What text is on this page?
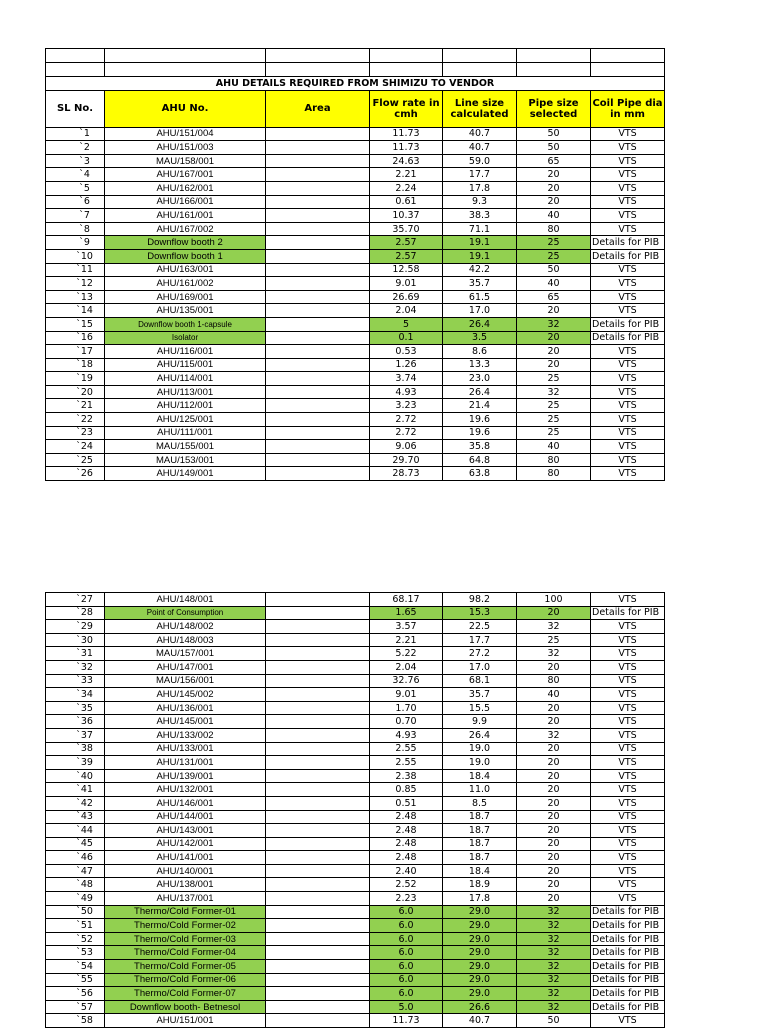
AHU DETAILS REQUIRED FROM SHIMIZU TO VENDOR						
SL No.	AHU No.	Area	Flow rate in cmh	Line size calculated	Pipe size selected	Coil Pipe dia in mm
`1	AHU/151/004		11.73	40.7	50	VTS
`2	AHU/151/003		11.73	40.7	50	VTS
`3	MAU/158/001		24.63	59.0	65	VTS
`4	AHU/167/001		2.21	17.7	20	VTS
`5	AHU/162/001		2.24	17.8	20	VTS
`6	AHU/166/001		0.61	9.3	20	VTS
`7	AHU/161/001		10.37	38.3	40	VTS
`8	AHU/167/002		35.70	71.1	80	VTS
`9	Downflow booth 2		2.57	19.1	25	Details for PIB
`10	Downflow booth 1		2.57	19.1	25	Details for PIB
`11	AHU/163/001		12.58	42.2	50	VTS
`12	AHU/161/002		9.01	35.7	40	VTS
`13	AHU/169/001		26.69	61.5	65	VTS
`14	AHU/135/001		2.04	17.0	20	VTS
`15	Downflow booth 1-capsule		5	26.4	32	Details for PIB
`16	Isolator		0.1	3.5	20	Details for PIB
`17	AHU/116/001		0.53	8.6	20	VTS
`18	AHU/115/001		1.26	13.3	20	VTS
`19	AHU/114/001		3.74	23.0	25	VTS
`20	AHU/113/001		4.93	26.4	32	VTS
`21	AHU/112/001		3.23	21.4	25	VTS
`22	AHU/125/001		2.72	19.6	25	VTS
`23	AHU/111/001		2.72	19.6	25	VTS
`24	MAU/155/001		9.06	35.8	40	VTS
`25	MAU/153/001		29.70	64.8	80	VTS
`26	AHU/149/001		28.73	63.8	80	VTS
`27	AHU/148/001		68.17	98.2	100	VTS
`28	Point of Consumption		1.65	15.3	20	Details for PIB
`29	AHU/148/002		3.57	22.5	32	VTS
`30	AHU/148/003		2.21	17.7	25	VTS
`31	MAU/157/001		5.22	27.2	32	VTS
`32	AHU/147/001		2.04	17.0	20	VTS
`33	MAU/156/001		32.76	68.1	80	VTS
`34	AHU/145/002		9.01	35.7	40	VTS
`35	AHU/136/001		1.70	15.5	20	VTS
`36	AHU/145/001		0.70	9.9	20	VTS
`37	AHU/133/002		4.93	26.4	32	VTS
`38	AHU/133/001		2.55	19.0	20	VTS
`39	AHU/131/001		2.55	19.0	20	VTS
`40	AHU/139/001		2.38	18.4	20	VTS
`41	AHU/132/001		0.85	11.0	20	VTS
`42	AHU/146/001		0.51	8.5	20	VTS
`43	AHU/144/001		2.48	18.7	20	VTS
`44	AHU/143/001		2.48	18.7	20	VTS
`45	AHU/142/001		2.48	18.7	20	VTS
`46	AHU/141/001		2.48	18.7	20	VTS
`47	AHU/140/001		2.40	18.4	20	VTS
`48	AHU/138/001		2.52	18.9	20	VTS
`49	AHU/137/001		2.23	17.8	20	VTS
`50	Thermo/Cold Former-01		6.0	29.0	32	Details for PIB
`51	Thermo/Cold Former-02		6.0	29.0	32	Details for PIB
`52	Thermo/Cold Former-03		6.0	29.0	32	Details for PIB
`53	Thermo/Cold Former-04		6.0	29.0	32	Details for PIB
`54	Thermo/Cold Former-05		6.0	29.0	32	Details for PIB
`55	Thermo/Cold Former-06		6.0	29.0	32	Details for PIB
`56	Thermo/Cold Former-07		6.0	29.0	32	Details for PIB
`57	Downflow booth- Betnesol		5.0	26.6	32	Details for PIB
`58	AHU/151/001		11.73	40.7	50	VTS
